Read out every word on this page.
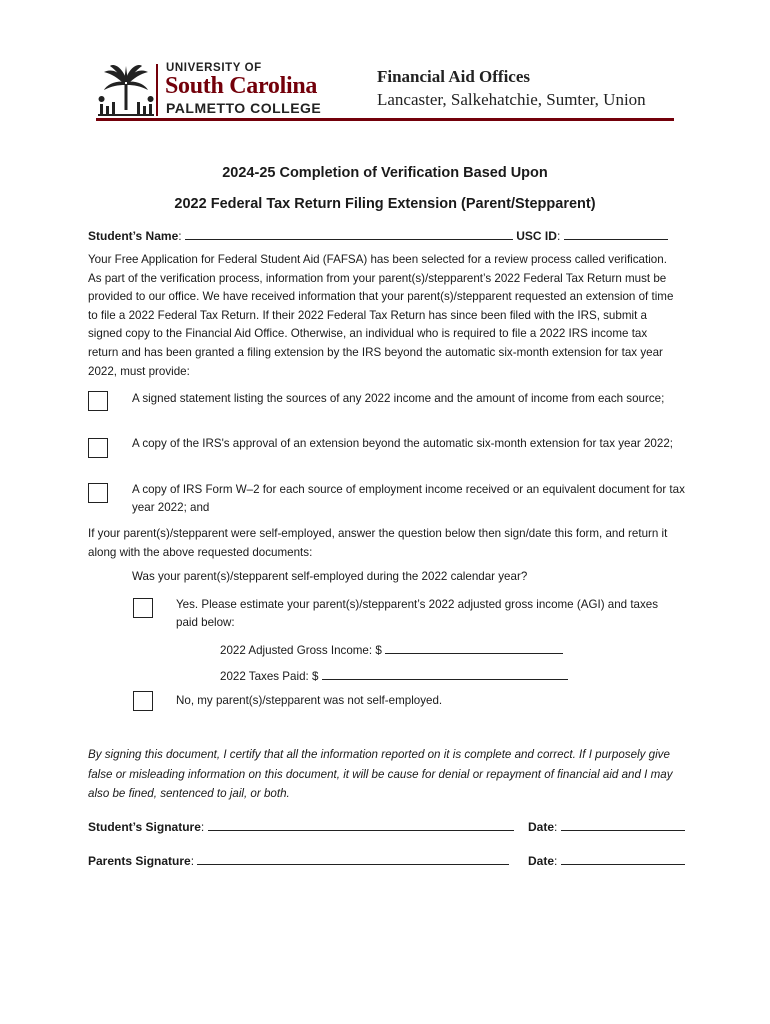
UNIVERSITY OF
South Carolina
PALMETTO COLLEGE
Financial Aid Offices
Lancaster, Salkehatchie, Sumter, Union
2024-25 Completion of Verification Based Upon
2022 Federal Tax Return Filing Extension (Parent/Stepparent)
Student’s Name:	USC ID:
Your Free Application for Federal Student Aid (FAFSA) has been selected for a review process called verification. As part of the verification process, information from your parent(s)/stepparent’s 2022 Federal Tax Return must be provided to our office. We have received information that your parent(s)/stepparent requested an extension of time to file a 2022 Federal Tax Return. If their 2022 Federal Tax Return has since been filed with the IRS, submit a signed copy to the Financial Aid Office. Otherwise, an individual who is required to file a 2022 IRS income tax return and has been granted a filing extension by the IRS beyond the automatic six-month extension for tax year 2022, must provide:
A signed statement listing the sources of any 2022 income and the amount of income from each source;
A copy of the IRS's approval of an extension beyond the automatic six-month extension for tax year 2022;
A copy of IRS Form W–2 for each source of employment income received or an equivalent document for tax year 2022; and
If your parent(s)/stepparent were self-employed, answer the question below then sign/date this form, and return it along with the above requested documents:
Was your parent(s)/stepparent self-employed during the 2022 calendar year?
Yes. Please estimate your parent(s)/stepparent’s 2022 adjusted gross income (AGI) and taxes paid below:
2022 Adjusted Gross Income: $
2022 Taxes Paid: $
No, my parent(s)/stepparent was not self-employed.
By signing this document, I certify that all the information reported on it is complete and correct. If I purposely give false or misleading information on this document, it will be cause for denial or repayment of financial aid and I may also be fined, sentenced to jail, or both.
Student’s Signature:	Date:
Parents Signature:	Date:
